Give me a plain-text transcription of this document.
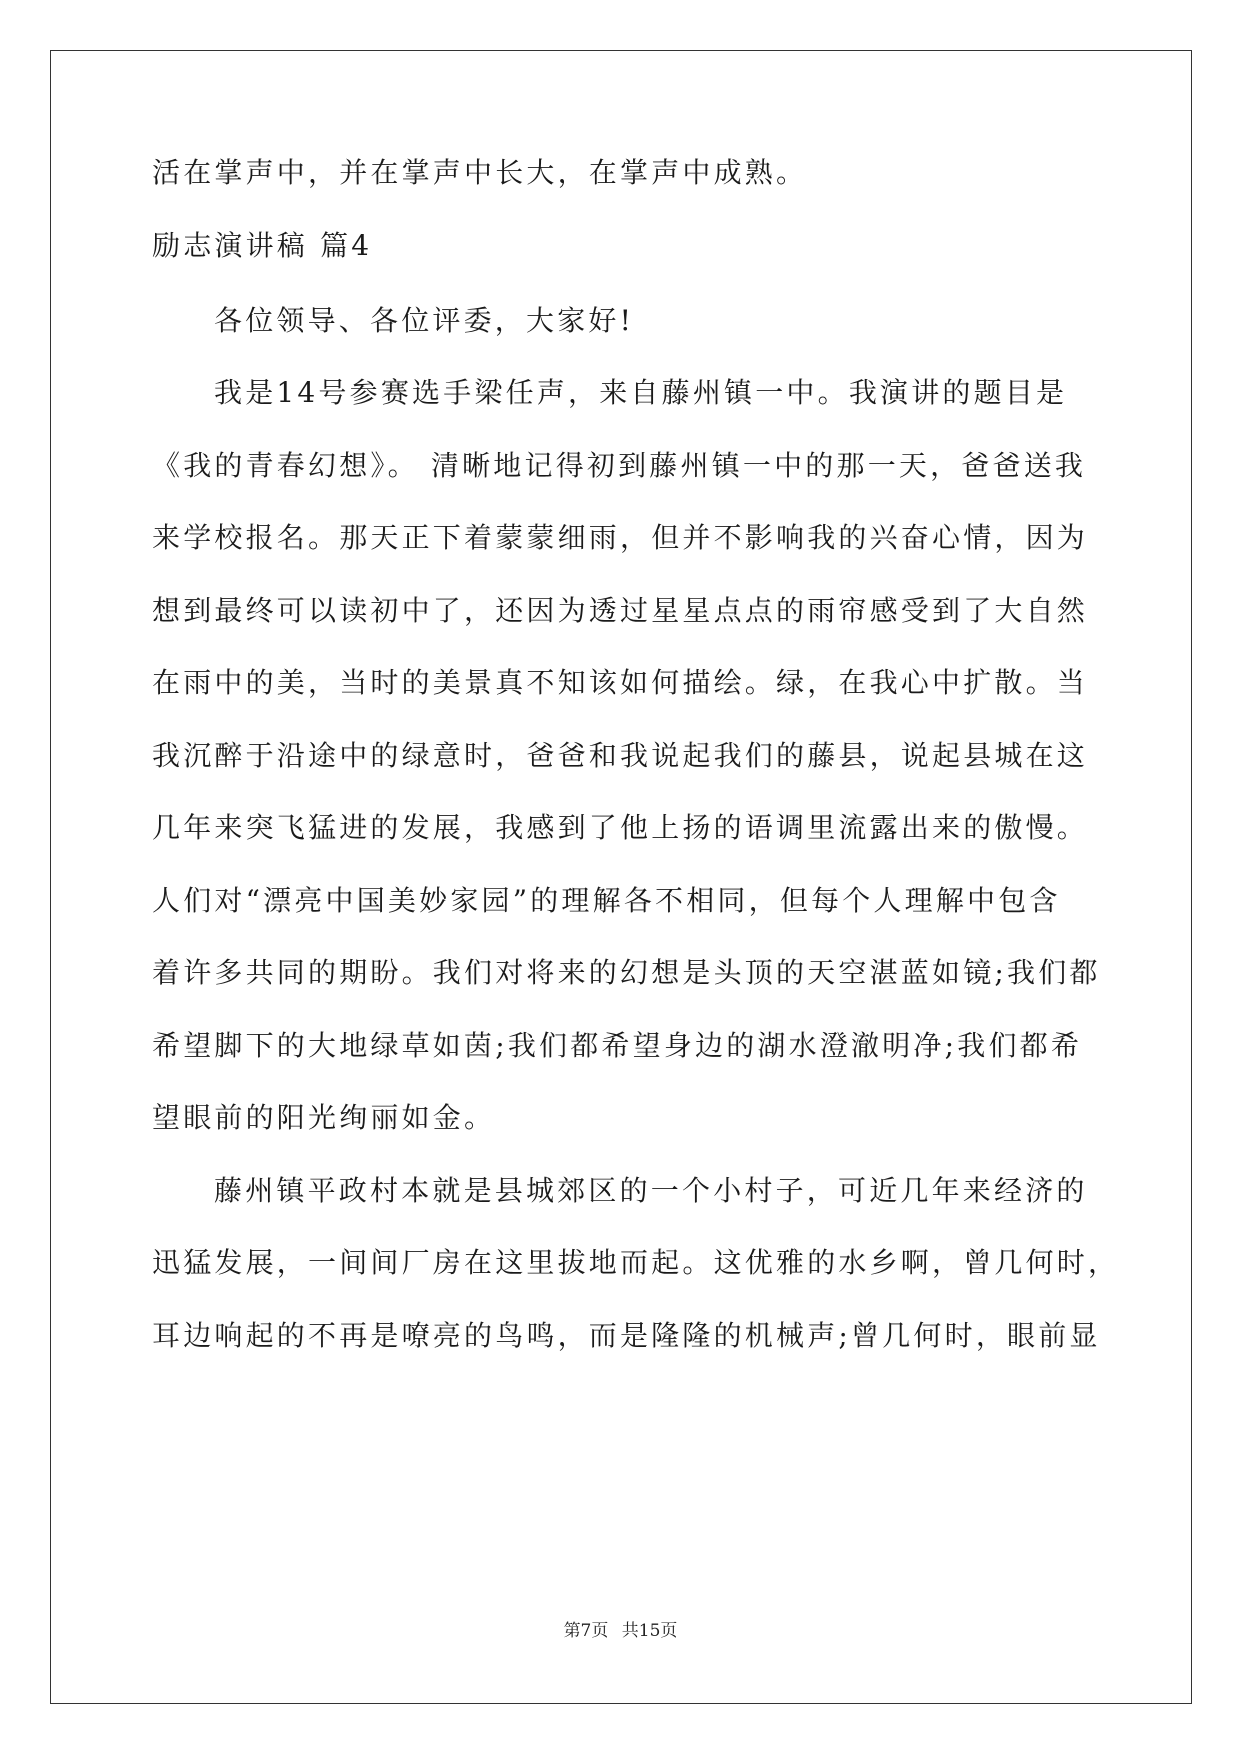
活在掌声中，并在掌声中长大，在掌声中成熟。
励志演讲稿 篇4
各位领导、各位评委，大家好!
我是14号参赛选手梁任声，来自藤州镇一中。我演讲的题目是
《我的青春幻想》。 清晰地记得初到藤州镇一中的那一天，爸爸送我
来学校报名。那天正下着蒙蒙细雨，但并不影响我的兴奋心情，因为
想到最终可以读初中了，还因为透过星星点点的雨帘感受到了大自然
在雨中的美，当时的美景真不知该如何描绘。绿，在我心中扩散。当
我沉醉于沿途中的绿意时，爸爸和我说起我们的藤县，说起县城在这
几年来突飞猛进的发展，我感到了他上扬的语调里流露出来的傲慢。
人们对“漂亮中国美妙家园”的理解各不相同，但每个人理解中包含
着许多共同的期盼。我们对将来的幻想是头顶的天空湛蓝如镜;我们都
希望脚下的大地绿草如茵;我们都希望身边的湖水澄澈明净;我们都希
望眼前的阳光绚丽如金。
藤州镇平政村本就是县城郊区的一个小村子，可近几年来经济的
迅猛发展，一间间厂房在这里拔地而起。这优雅的水乡啊，曾几何时，
耳边响起的不再是嘹亮的鸟鸣，而是隆隆的机械声;曾几何时，眼前显
第7页 共15页
